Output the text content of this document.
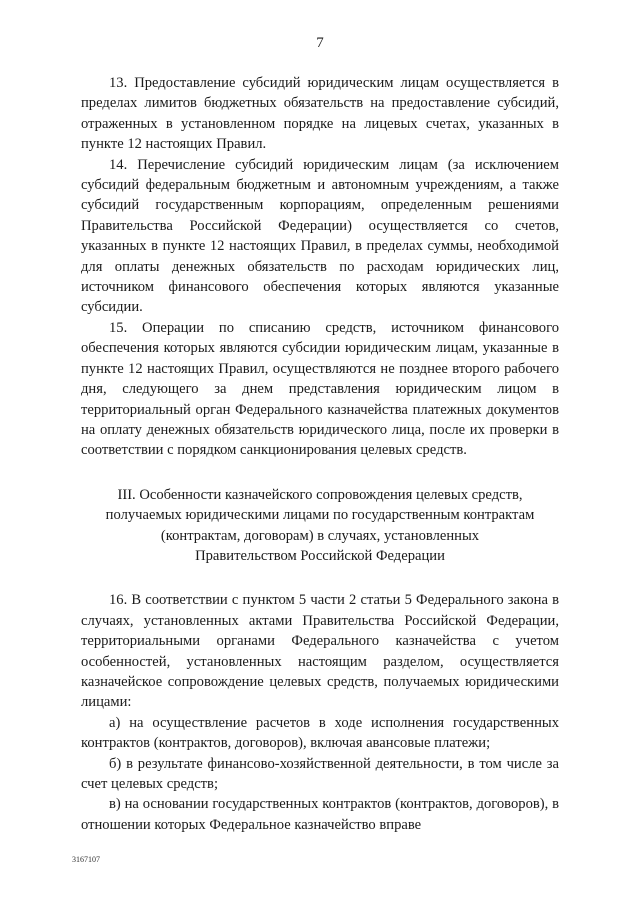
7

13. Предоставление субсидий юридическим лицам осуществляется в пределах лимитов бюджетных обязательств на предоставление субсидий, отраженных в установленном порядке на лицевых счетах, указанных в пункте 12 настоящих Правил.

14. Перечисление субсидий юридическим лицам (за исключением субсидий федеральным бюджетным и автономным учреждениям, а также субсидий государственным корпорациям, определенным решениями Правительства Российской Федерации) осуществляется со счетов, указанных в пункте 12 настоящих Правил, в пределах суммы, необходимой для оплаты денежных обязательств по расходам юридических лиц, источником финансового обеспечения которых являются указанные субсидии.

15. Операции по списанию средств, источником финансового обеспечения которых являются субсидии юридическим лицам, указанные в пункте 12 настоящих Правил, осуществляются не позднее второго рабочего дня, следующего за днем представления юридическим лицом в территориальный орган Федерального казначейства платежных документов на оплату денежных обязательств юридического лица, после их проверки в соответствии с порядком санкционирования целевых средств.

III. Особенности казначейского сопровождения целевых средств,
получаемых юридическими лицами по государственным контрактам
(контрактам, договорам) в случаях, установленных
Правительством Российской Федерации

16. В соответствии с пунктом 5 части 2 статьи 5 Федерального закона в случаях, установленных актами Правительства Российской Федерации, территориальными органами Федерального казначейства с учетом особенностей, установленных настоящим разделом, осуществляется казначейское сопровождение целевых средств, получаемых юридическими лицами:

а) на осуществление расчетов в ходе исполнения государственных контрактов (контрактов, договоров), включая авансовые платежи;

б) в результате финансово-хозяйственной деятельности, в том числе за счет целевых средств;

в) на основании государственных контрактов (контрактов, договоров), в отношении которых Федеральное казначейство вправе

3167107
